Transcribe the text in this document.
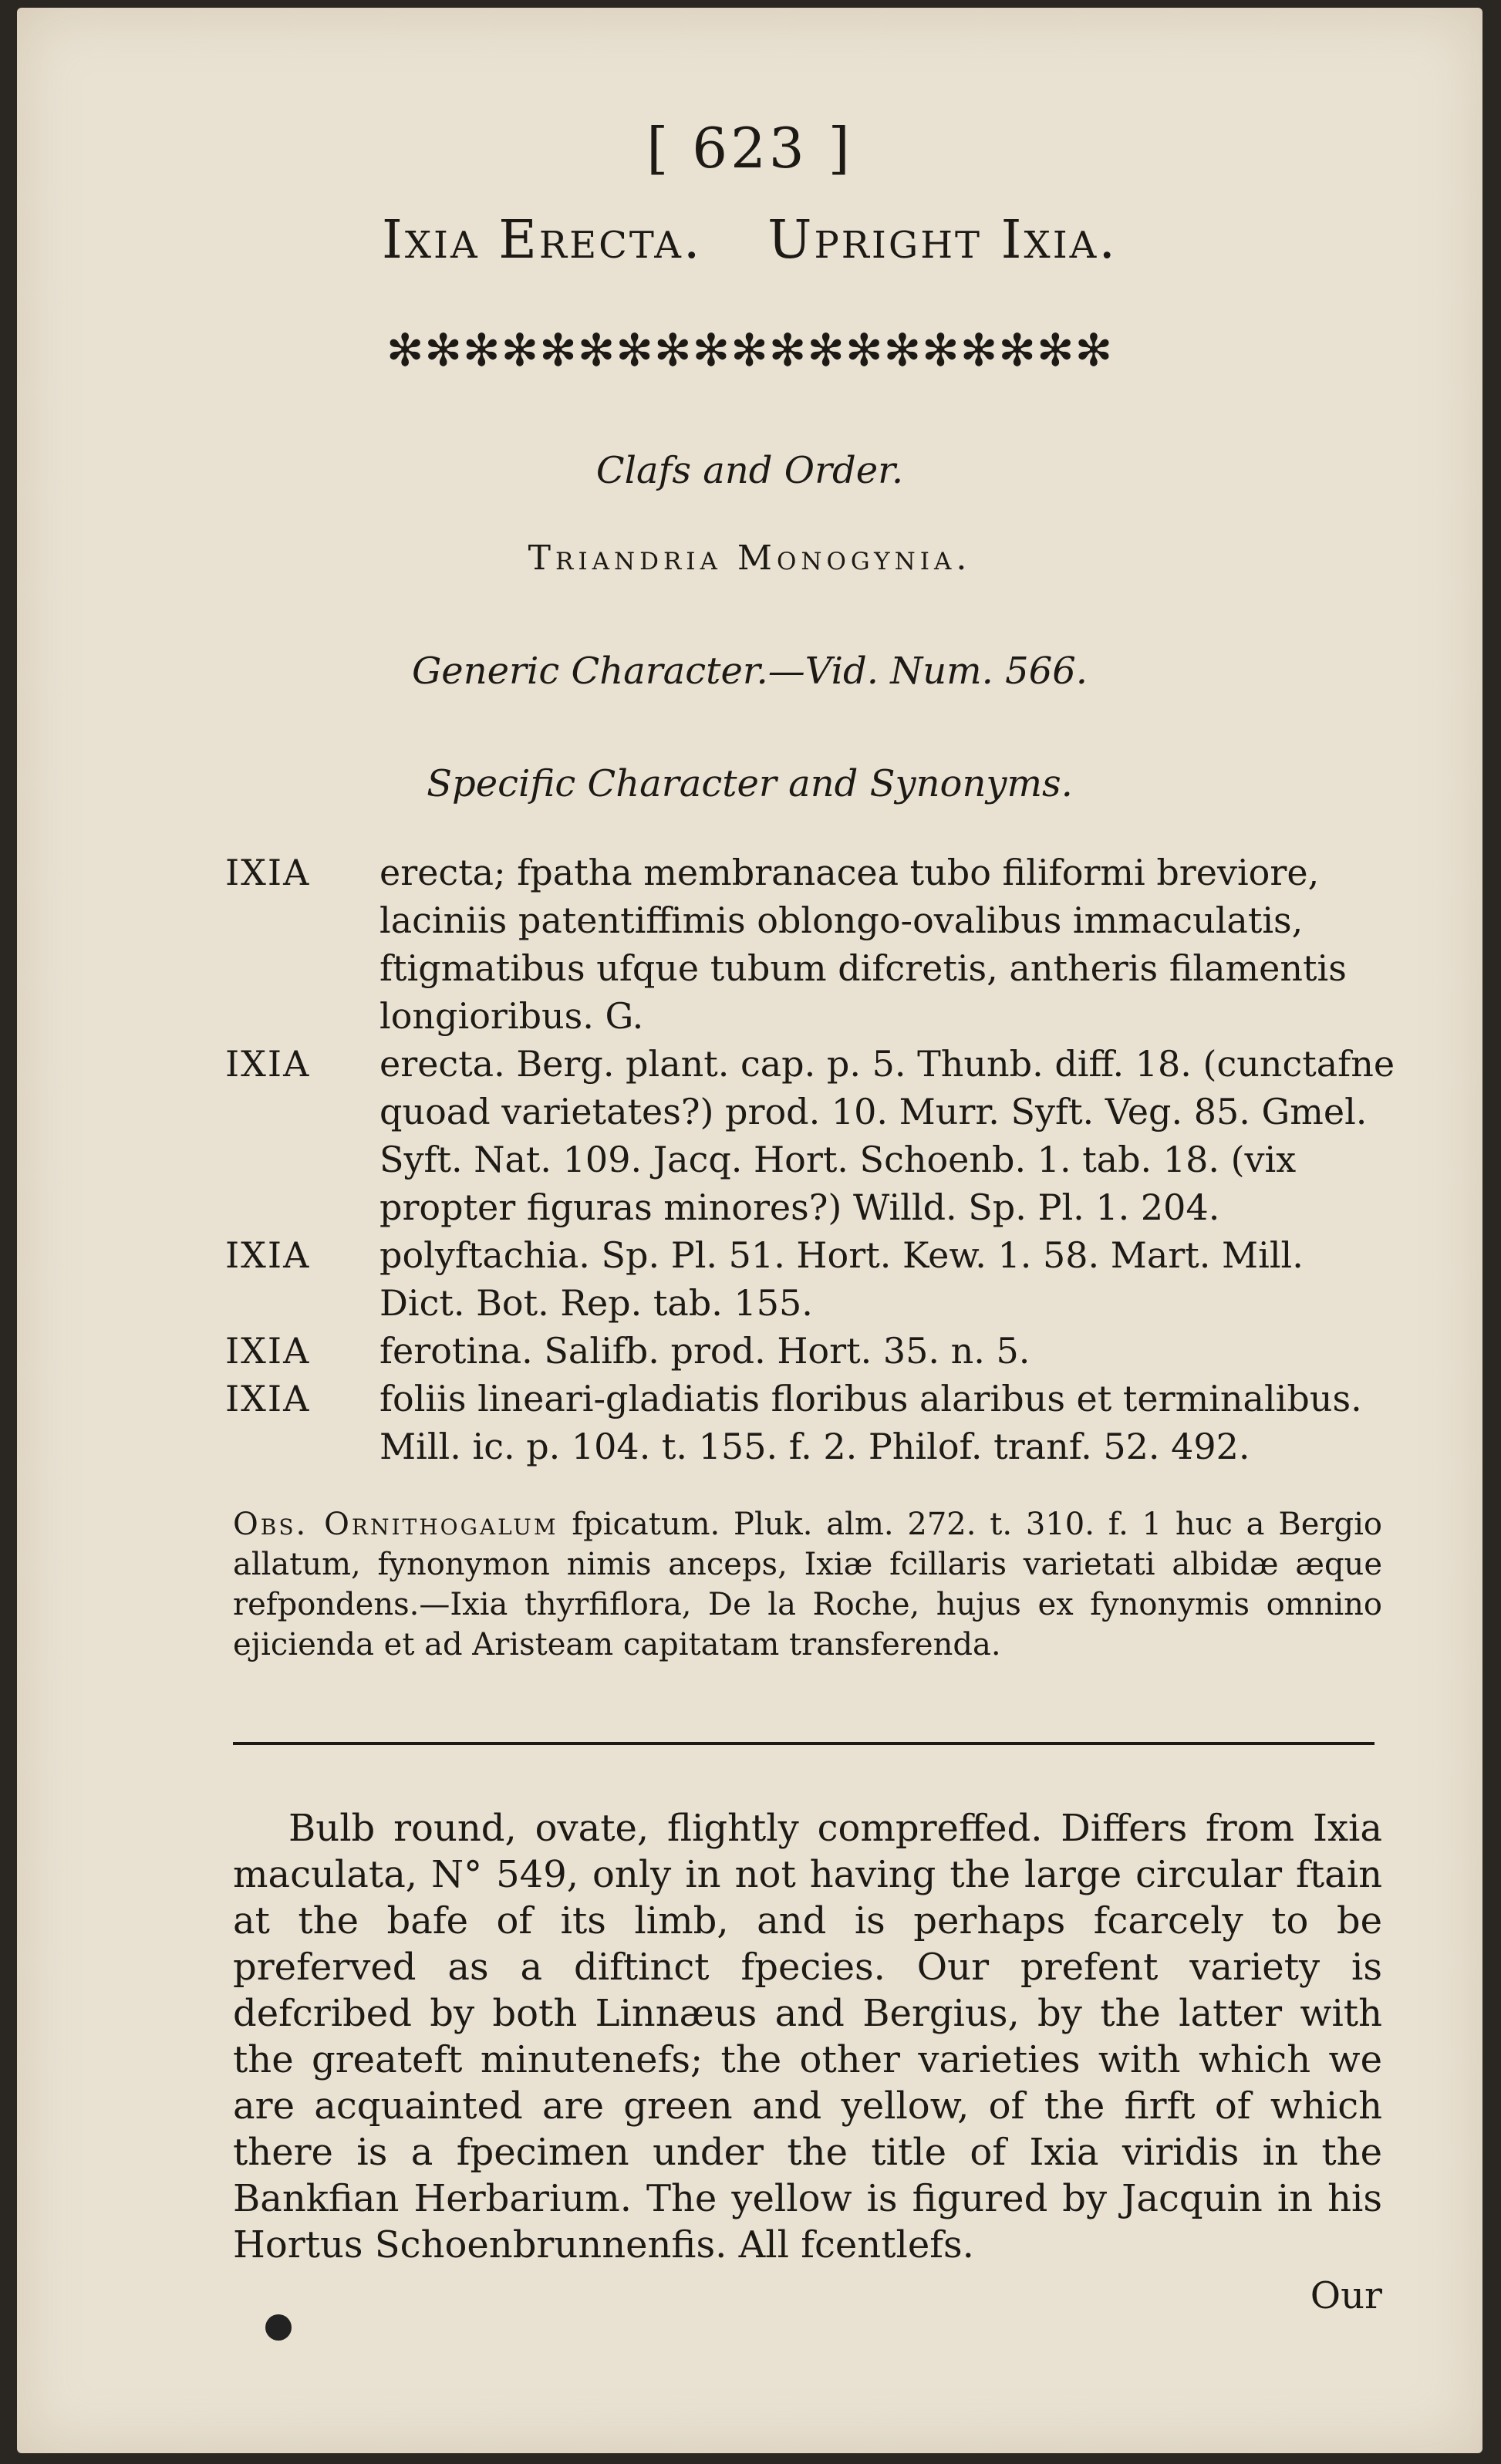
[ 623 ]
Ixia Erecta. Upright Ixia.
✻✻✻✻✻✻✻✻✻✻✻✻✻✻✻✻✻✻✻
Clafs and Order.
Triandria Monogynia.
Generic Character.—Vid. Num. 566.
Specific Character and Synonyms.

IXIA erecta; fpatha membranacea tubo filiformi breviore, laciniis patentiffimis oblongo-ovalibus immaculatis, ftigmatibus ufque tubum difcretis, antheris filamentis longioribus. G.

IXIA erecta. Berg. plant. cap. p. 5. Thunb. diff. 18. (cunctafne quoad varietates?) prod. 10. Murr. Syft. Veg. 85. Gmel. Syft. Nat. 109. Jacq. Hort. Schoenb. 1. tab. 18. (vix propter figuras minores?) Willd. Sp. Pl. 1. 204.

IXIA polyftachia. Sp. Pl. 51. Hort. Kew. 1. 58. Mart. Mill. Dict. Bot. Rep. tab. 155.

IXIA ferotina. Salifb. prod. Hort. 35. n. 5.

IXIA foliis lineari-gladiatis floribus alaribus et terminalibus. Mill. ic. p. 104. t. 155. f. 2. Philof. tranf. 52. 492.

Obs. Ornithogalum fpicatum. Pluk. alm. 272. t. 310. f. 1 huc a Bergio allatum, fynonymon nimis anceps, Ixiæ fcillaris varietati albidæ æque refpondens.—Ixia thyrfiflora, De la Roche, hujus ex fynonymis omnino ejicienda et ad Aristeam capitatam transferenda.
Bulb round, ovate, flightly compreffed. Differs from Ixia maculata, N° 549, only in not having the large circular ftain at the bafe of its limb, and is perhaps fcarcely to be preferved as a diftinct fpecies. Our prefent variety is defcribed by both Linnæus and Bergius, by the latter with the greateft minutenefs; the other varieties with which we are acquainted are green and yellow, of the firft of which there is a fpecimen under the title of Ixia viridis in the Bankfian Herbarium. The yellow is figured by Jacquin in his Hortus Schoenbrunnenfis. All fcentlefs.
Our
